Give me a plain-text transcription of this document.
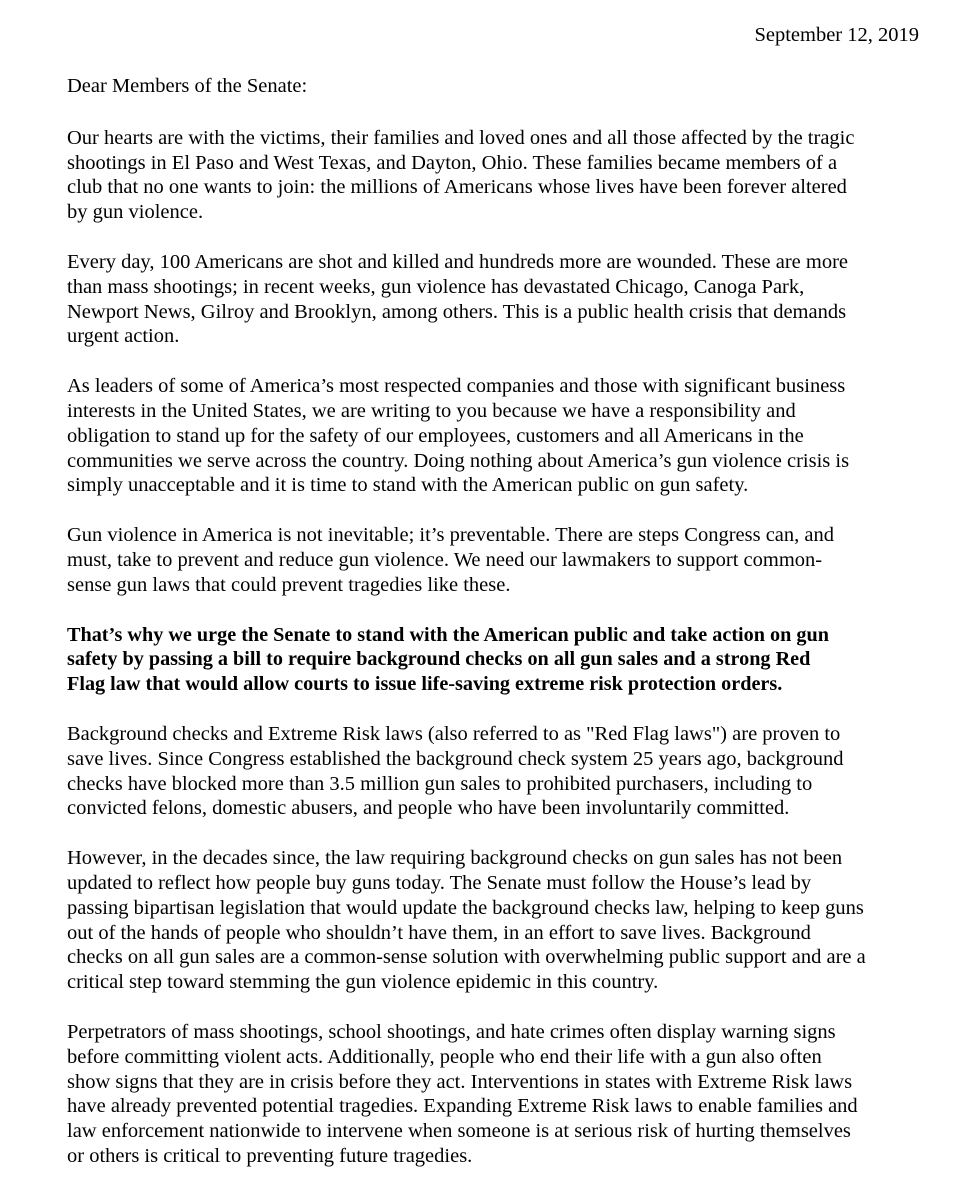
September 12, 2019
Dear Members of the Senate:
Our hearts are with the victims, their families and loved ones and all those affected by the tragic
shootings in El Paso and West Texas, and Dayton, Ohio. These families became members of a
club that no one wants to join: the millions of Americans whose lives have been forever altered
by gun violence.
Every day, 100 Americans are shot and killed and hundreds more are wounded. These are more
than mass shootings; in recent weeks, gun violence has devastated Chicago, Canoga Park,
Newport News, Gilroy and Brooklyn, among others. This is a public health crisis that demands
urgent action.
As leaders of some of America’s most respected companies and those with significant business
interests in the United States, we are writing to you because we have a responsibility and
obligation to stand up for the safety of our employees, customers and all Americans in the
communities we serve across the country. Doing nothing about America’s gun violence crisis is
simply unacceptable and it is time to stand with the American public on gun safety.
Gun violence in America is not inevitable; it’s preventable. There are steps Congress can, and
must, take to prevent and reduce gun violence. We need our lawmakers to support common-
sense gun laws that could prevent tragedies like these.
That’s why we urge the Senate to stand with the American public and take action on gun
safety by passing a bill to require background checks on all gun sales and a strong Red
Flag law that would allow courts to issue life-saving extreme risk protection orders.
Background checks and Extreme Risk laws (also referred to as "Red Flag laws") are proven to
save lives. Since Congress established the background check system 25 years ago, background
checks have blocked more than 3.5 million gun sales to prohibited purchasers, including to
convicted felons, domestic abusers, and people who have been involuntarily committed.
However, in the decades since, the law requiring background checks on gun sales has not been
updated to reflect how people buy guns today. The Senate must follow the House’s lead by
passing bipartisan legislation that would update the background checks law, helping to keep guns
out of the hands of people who shouldn’t have them, in an effort to save lives. Background
checks on all gun sales are a common-sense solution with overwhelming public support and are a
critical step toward stemming the gun violence epidemic in this country.
Perpetrators of mass shootings, school shootings, and hate crimes often display warning signs
before committing violent acts. Additionally, people who end their life with a gun also often
show signs that they are in crisis before they act. Interventions in states with Extreme Risk laws
have already prevented potential tragedies. Expanding Extreme Risk laws to enable families and
law enforcement nationwide to intervene when someone is at serious risk of hurting themselves
or others is critical to preventing future tragedies.
